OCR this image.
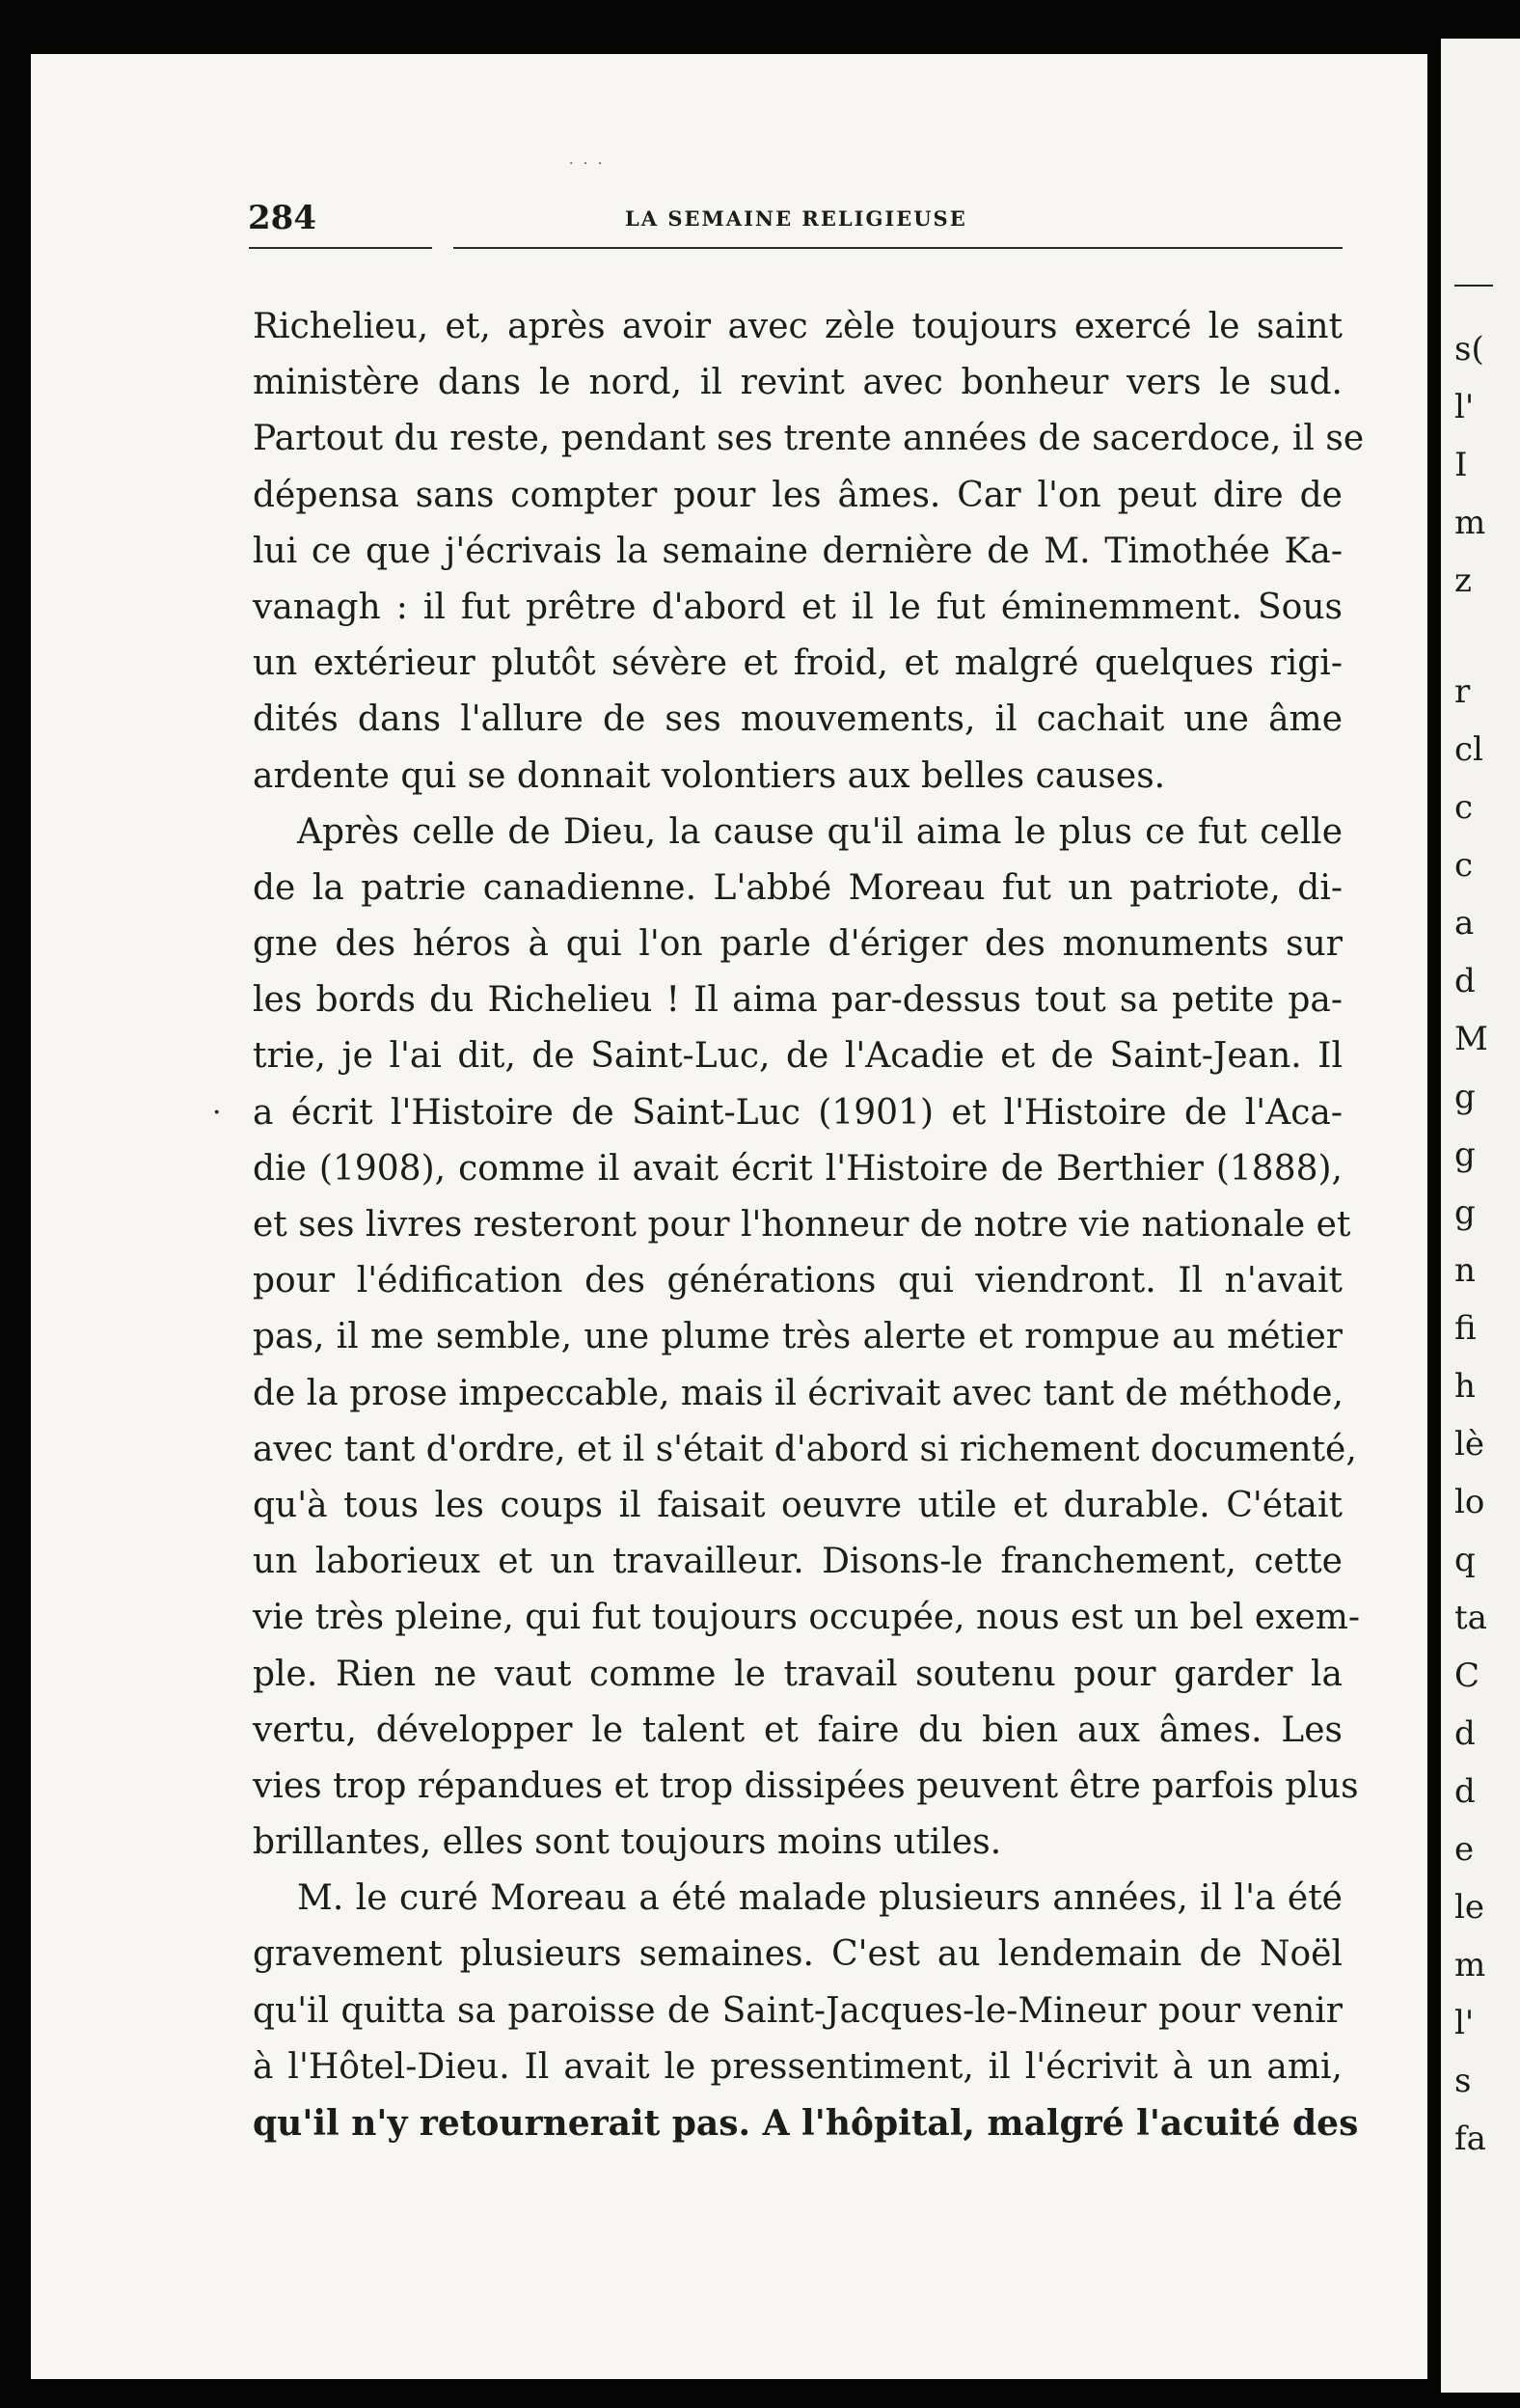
s(
l'
I
m
z
r
cl
c
c
a
d
M
g
g
g
n
fi
h
lè
lo
q
ta
C
d
d
e
le
m
l'
s
fa
· · ·
284	LA SEMAINE RELIGIEUSE
·
Richelieu, et, après avoir avec zèle toujours exercé le saint
ministère dans le nord, il revint avec bonheur vers le sud.
Partout du reste, pendant ses trente années de sacerdoce, il se
dépensa sans compter pour les âmes. Car l'on peut dire de
lui ce que j'écrivais la semaine dernière de M. Timothée Ka-
vanagh : il fut prêtre d'abord et il le fut éminemment. Sous
un extérieur plutôt sévère et froid, et malgré quelques rigi-
dités dans l'allure de ses mouvements, il cachait une âme
ardente qui se donnait volontiers aux belles causes.
Après celle de Dieu, la cause qu'il aima le plus ce fut celle
de la patrie canadienne. L'abbé Moreau fut un patriote, di-
gne des héros à qui l'on parle d'ériger des monuments sur
les bords du Richelieu ! Il aima par-dessus tout sa petite pa-
trie, je l'ai dit, de Saint-Luc, de l'Acadie et de Saint-Jean. Il
a écrit l'Histoire de Saint-Luc (1901) et l'Histoire de l'Aca-
die (1908), comme il avait écrit l'Histoire de Berthier (1888),
et ses livres resteront pour l'honneur de notre vie nationale et
pour l'édification des générations qui viendront. Il n'avait
pas, il me semble, une plume très alerte et rompue au métier
de la prose impeccable, mais il écrivait avec tant de méthode,
avec tant d'ordre, et il s'était d'abord si richement documenté,
qu'à tous les coups il faisait oeuvre utile et durable. C'était
un laborieux et un travailleur. Disons-le franchement, cette
vie très pleine, qui fut toujours occupée, nous est un bel exem-
ple. Rien ne vaut comme le travail soutenu pour garder la
vertu, développer le talent et faire du bien aux âmes. Les
vies trop répandues et trop dissipées peuvent être parfois plus
brillantes, elles sont toujours moins utiles.
M. le curé Moreau a été malade plusieurs années, il l'a été
gravement plusieurs semaines. C'est au lendemain de Noël
qu'il quitta sa paroisse de Saint-Jacques-le-Mineur pour venir
à l'Hôtel-Dieu. Il avait le pressentiment, il l'écrivit à un ami,
qu'il n'y retournerait pas. A l'hôpital, malgré l'acuité des
